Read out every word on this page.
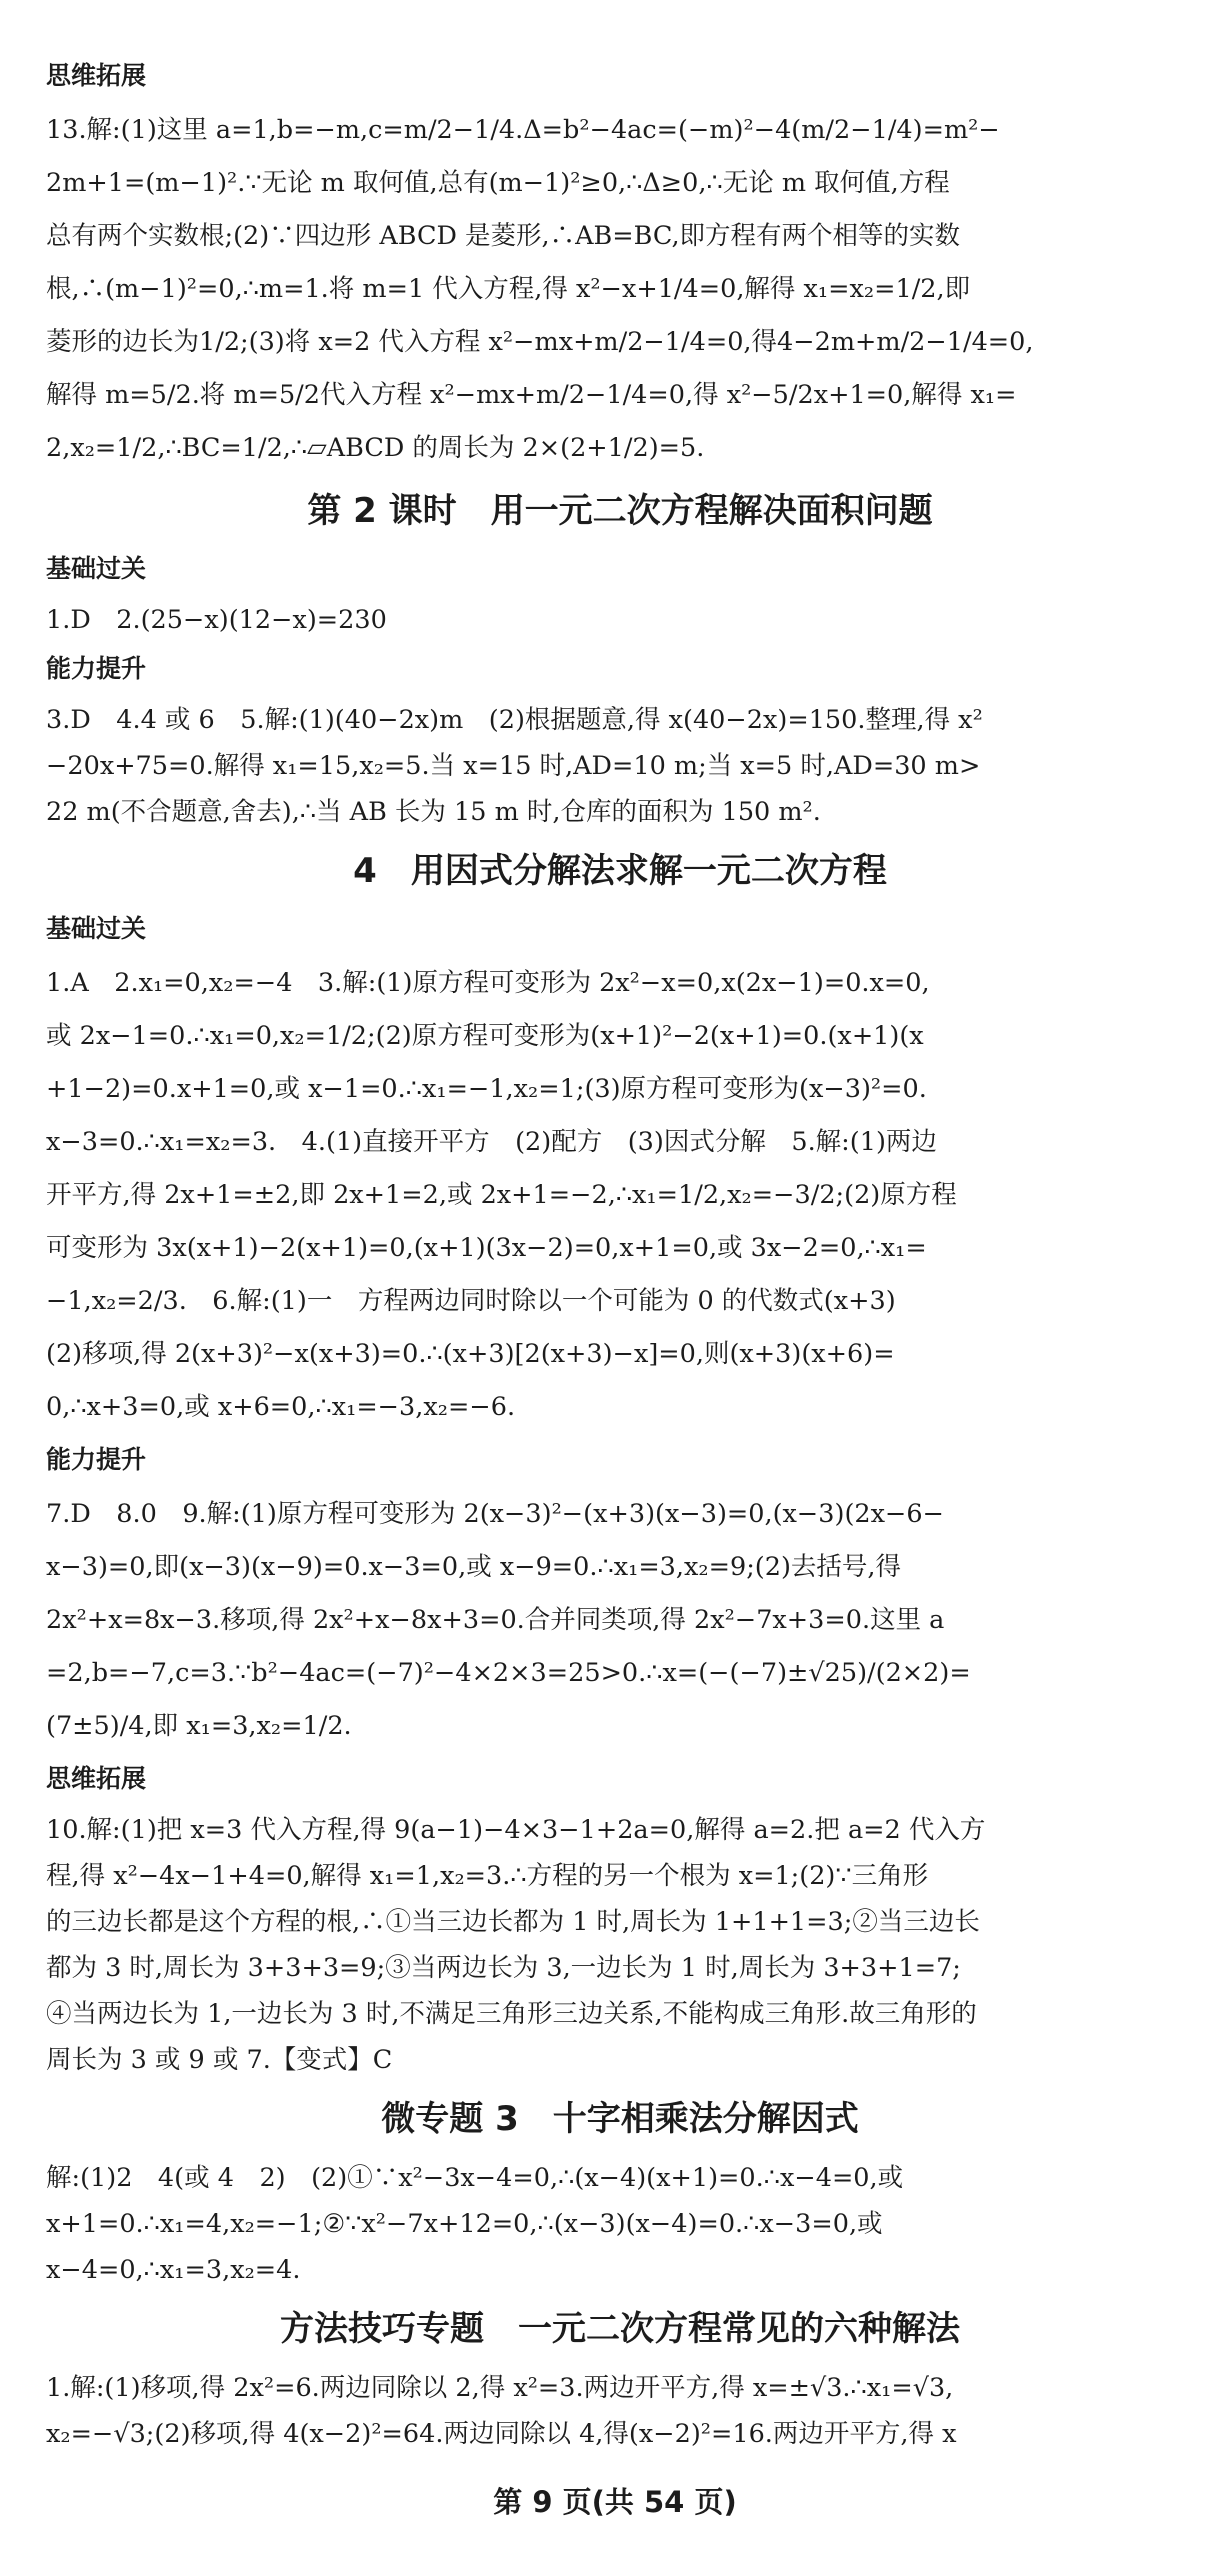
思维拓展
13.解:(1)这里 a=1,b=−m,c=m/2−1/4.Δ=b²−4ac=(−m)²−4(m/2−1/4)=m²−
2m+1=(m−1)².∵无论 m 取何值,总有(m−1)²≥0,∴Δ≥0,∴无论 m 取何值,方程
总有两个实数根;(2)∵四边形 ABCD 是菱形,∴AB=BC,即方程有两个相等的实数
根,∴(m−1)²=0,∴m=1.将 m=1 代入方程,得 x²−x+1/4=0,解得 x₁=x₂=1/2,即
菱形的边长为1/2;(3)将 x=2 代入方程 x²−mx+m/2−1/4=0,得4−2m+m/2−1/4=0,
解得 m=5/2.将 m=5/2代入方程 x²−mx+m/2−1/4=0,得 x²−5/2x+1=0,解得 x₁=
2,x₂=1/2,∴BC=1/2,∴▱ABCD 的周长为 2×(2+1/2)=5.
第 2 课时　用一元二次方程解决面积问题
基础过关
1.D　2.(25−x)(12−x)=230
能力提升
3.D　4.4 或 6　5.解:(1)(40−2x)m　(2)根据题意,得 x(40−2x)=150.整理,得 x²
−20x+75=0.解得 x₁=15,x₂=5.当 x=15 时,AD=10 m;当 x=5 时,AD=30 m>
22 m(不合题意,舍去),∴当 AB 长为 15 m 时,仓库的面积为 150 m².
4　用因式分解法求解一元二次方程
基础过关
1.A　2.x₁=0,x₂=−4　3.解:(1)原方程可变形为 2x²−x=0,x(2x−1)=0.x=0,
或 2x−1=0.∴x₁=0,x₂=1/2;(2)原方程可变形为(x+1)²−2(x+1)=0.(x+1)(x
+1−2)=0.x+1=0,或 x−1=0.∴x₁=−1,x₂=1;(3)原方程可变形为(x−3)²=0.
x−3=0.∴x₁=x₂=3.　4.(1)直接开平方　(2)配方　(3)因式分解　5.解:(1)两边
开平方,得 2x+1=±2,即 2x+1=2,或 2x+1=−2,∴x₁=1/2,x₂=−3/2;(2)原方程
可变形为 3x(x+1)−2(x+1)=0,(x+1)(3x−2)=0,x+1=0,或 3x−2=0,∴x₁=
−1,x₂=2/3.　6.解:(1)一　方程两边同时除以一个可能为 0 的代数式(x+3)
(2)移项,得 2(x+3)²−x(x+3)=0.∴(x+3)[2(x+3)−x]=0,则(x+3)(x+6)=
0,∴x+3=0,或 x+6=0,∴x₁=−3,x₂=−6.
能力提升
7.D　8.0　9.解:(1)原方程可变形为 2(x−3)²−(x+3)(x−3)=0,(x−3)(2x−6−
x−3)=0,即(x−3)(x−9)=0.x−3=0,或 x−9=0.∴x₁=3,x₂=9;(2)去括号,得
2x²+x=8x−3.移项,得 2x²+x−8x+3=0.合并同类项,得 2x²−7x+3=0.这里 a
=2,b=−7,c=3.∵b²−4ac=(−7)²−4×2×3=25>0.∴x=(−(−7)±√25)/(2×2)=
(7±5)/4,即 x₁=3,x₂=1/2.
思维拓展
10.解:(1)把 x=3 代入方程,得 9(a−1)−4×3−1+2a=0,解得 a=2.把 a=2 代入方
程,得 x²−4x−1+4=0,解得 x₁=1,x₂=3.∴方程的另一个根为 x=1;(2)∵三角形
的三边长都是这个方程的根,∴①当三边长都为 1 时,周长为 1+1+1=3;②当三边长
都为 3 时,周长为 3+3+3=9;③当两边长为 3,一边长为 1 时,周长为 3+3+1=7;
④当两边长为 1,一边长为 3 时,不满足三角形三边关系,不能构成三角形.故三角形的
周长为 3 或 9 或 7.【变式】C
微专题 3　十字相乘法分解因式
解:(1)2　4(或 4　2)　(2)①∵x²−3x−4=0,∴(x−4)(x+1)=0.∴x−4=0,或
x+1=0.∴x₁=4,x₂=−1;②∵x²−7x+12=0,∴(x−3)(x−4)=0.∴x−3=0,或
x−4=0,∴x₁=3,x₂=4.
方法技巧专题　一元二次方程常见的六种解法
1.解:(1)移项,得 2x²=6.两边同除以 2,得 x²=3.两边开平方,得 x=±√3.∴x₁=√3,
x₂=−√3;(2)移项,得 4(x−2)²=64.两边同除以 4,得(x−2)²=16.两边开平方,得 x
第 9 页(共 54 页)
